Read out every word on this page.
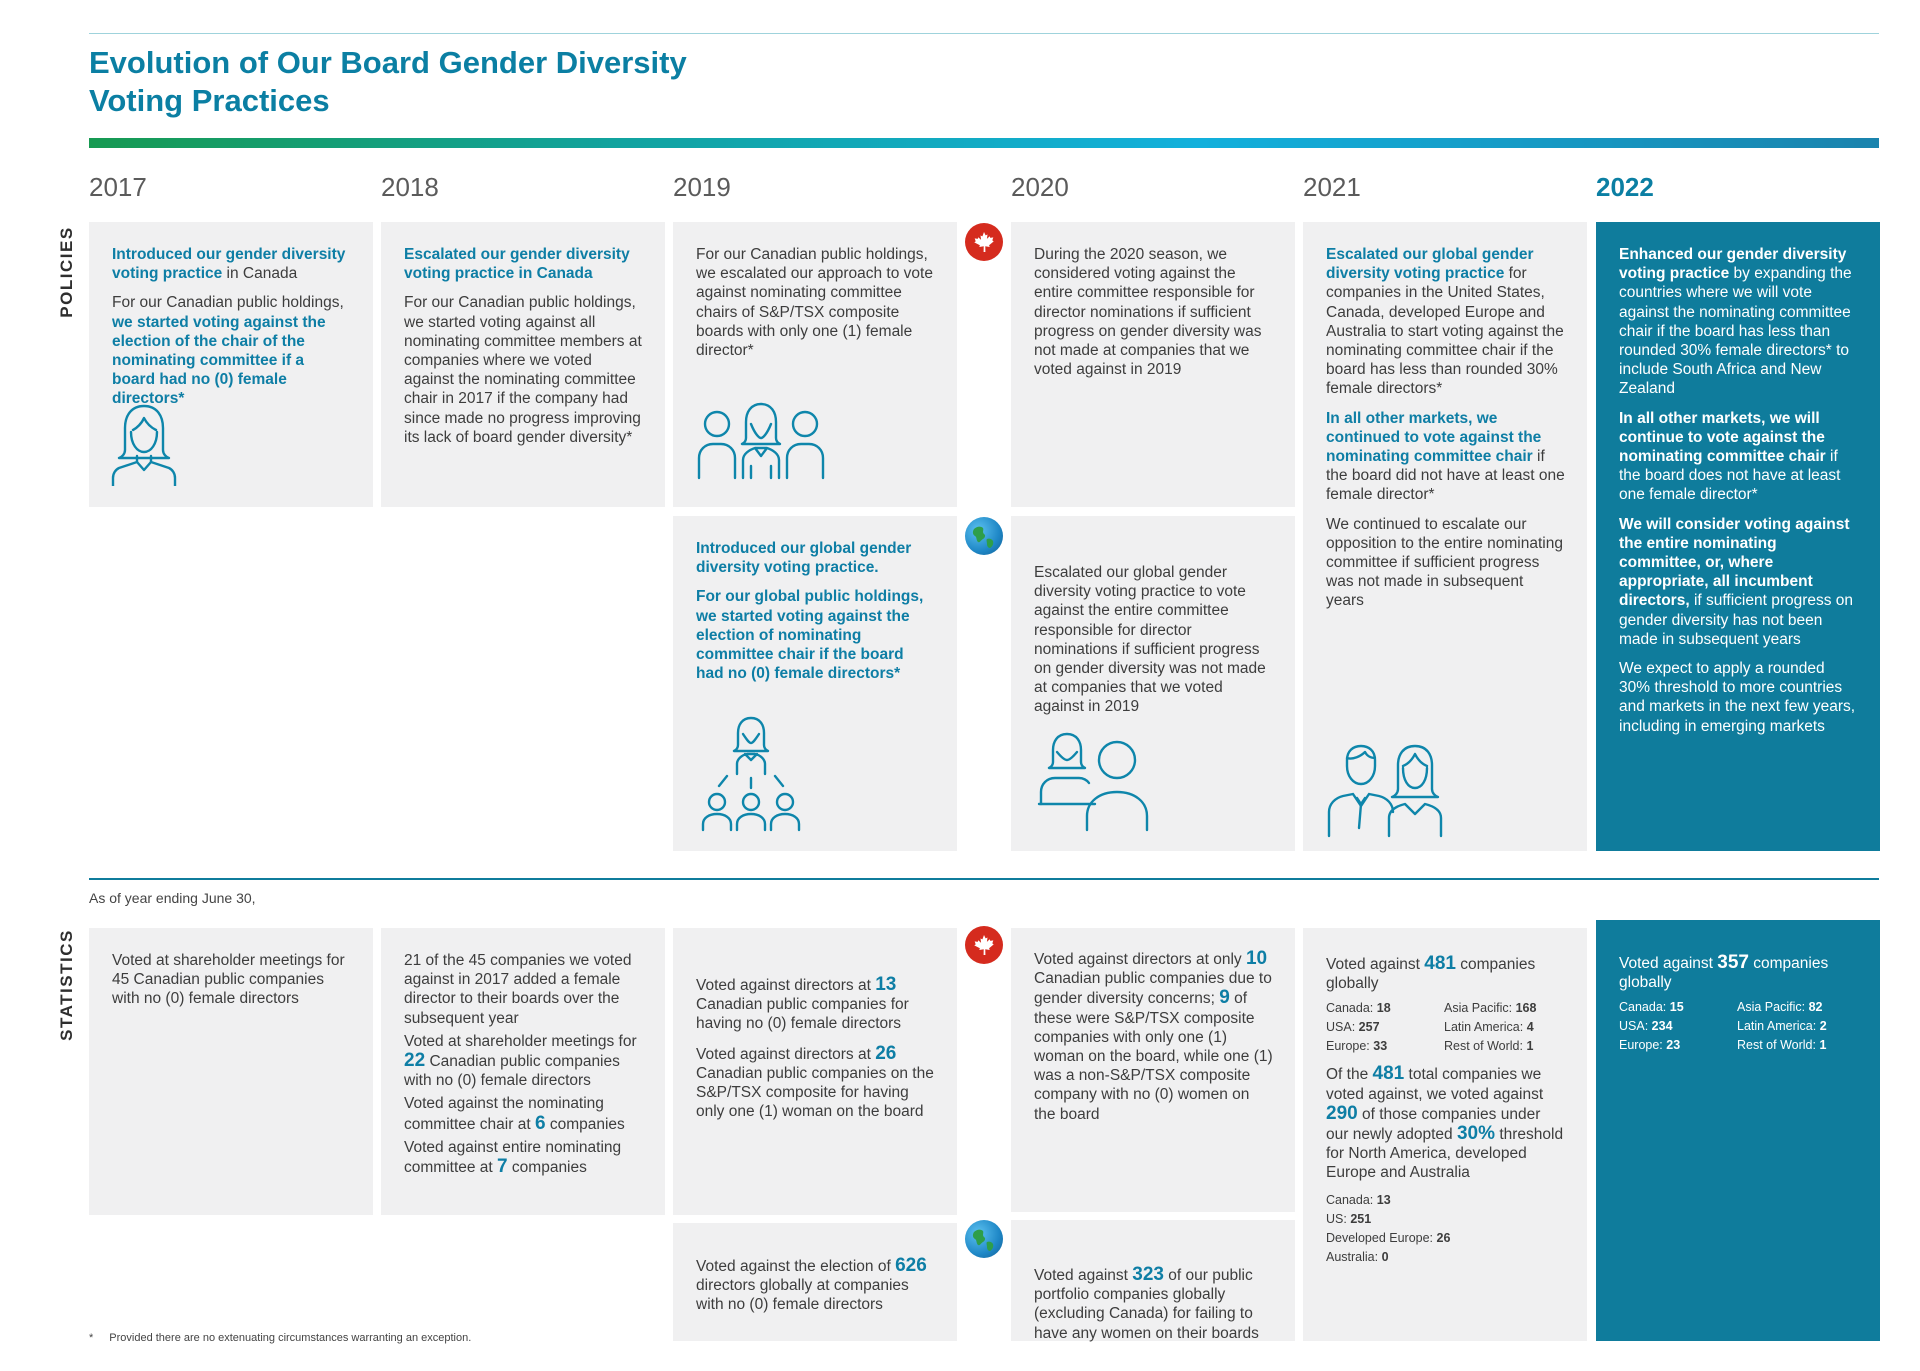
Evolution of Our Board Gender Diversity
Voting Practices
2017	2018	2019	2020	2021	2022
POLICIES
STATISTICS

Introduced our gender diversity voting practice in Canada

For our Canadian public holdings, we started voting against the election of the chair of the nominating committee if a board had no (0) female directors*

Escalated our gender diversity voting practice in Canada

For our Canadian public holdings, we started voting against all nominating committee members at companies where we voted against the nominating committee chair in 2017 if the company had since made no progress improving its lack of board gender diversity*

For our Canadian public holdings, we escalated our approach to vote against nominating committee chairs of S&P/TSX composite boards with only one (1) female director*

Introduced our global gender diversity voting practice.

For our global public holdings, we started voting against the election of nominating committee chair if the board had no (0) female directors*

During the 2020 season, we considered voting against the entire committee responsible for director nominations if sufficient progress on gender diversity was not made at companies that we voted against in 2019

Escalated our global gender diversity voting practice to vote against the entire committee responsible for director nominations if sufficient progress on gender diversity was not made at companies that we voted against in 2019

Escalated our global gender diversity voting practice for companies in the United States, Canada, developed Europe and Australia to start voting against the nominating committee chair if the board has less than rounded 30% female directors*

In all other markets, we continued to vote against the nominating committee chair if the board did not have at least one female director*

We continued to escalate our opposition to the entire nominating committee if sufficient progress was not made in subsequent years

Enhanced our gender diversity voting practice by expanding the countries where we will vote against the nominating committee chair if the board has less than rounded 30% female directors* to include South Africa and New Zealand

In all other markets, we will continue to vote against the nominating committee chair if the board does not have at least one female director*

We will consider voting against the entire nominating committee, or, where appropriate, all incumbent directors, if sufficient progress on gender diversity has not been made in subsequent years

We expect to apply a rounded 30% threshold to more countries and markets in the next few years, including in emerging markets

As of year ending June 30,

Voted at shareholder meetings for 45 Canadian public companies with no (0) female directors

21 of the 45 companies we voted against in 2017 added a female director to their boards over the subsequent year

Voted at shareholder meetings for 22 Canadian public companies with no (0) female directors

Voted against the nominating committee chair at 6 companies

Voted against entire nominating committee at 7 companies

Voted against directors at 13 Canadian public companies for having no (0) female directors

Voted against directors at 26 Canadian public companies on the S&P/TSX composite for having only one (1) woman on the board

Voted against the election of 626 directors globally at companies with no (0) female directors

Voted against directors at only 10 Canadian public companies due to gender diversity concerns; 9 of these were S&P/TSX composite companies with only one (1) woman on the board, while one (1) was a non-S&P/TSX composite company with no (0) women on the board

Voted against 323 of our public portfolio companies globally (excluding Canada) for failing to have any women on their boards

Voted against 481 companies globally

Canada: 18	Asia Pacific: 168
USA: 257	Latin America: 4
Europe: 33	Rest of World: 1

Of the 481 total companies we voted against, we voted against 290 of those companies under our newly adopted 30% threshold for North America, developed Europe and Australia

Canada: 13
US: 251
Developed Europe: 26
Australia: 0

Voted against 357 companies globally

Canada: 15	Asia Pacific: 82
USA: 234	Latin America: 2
Europe: 23	Rest of World: 1
* Provided there are no extenuating circumstances warranting an exception.
